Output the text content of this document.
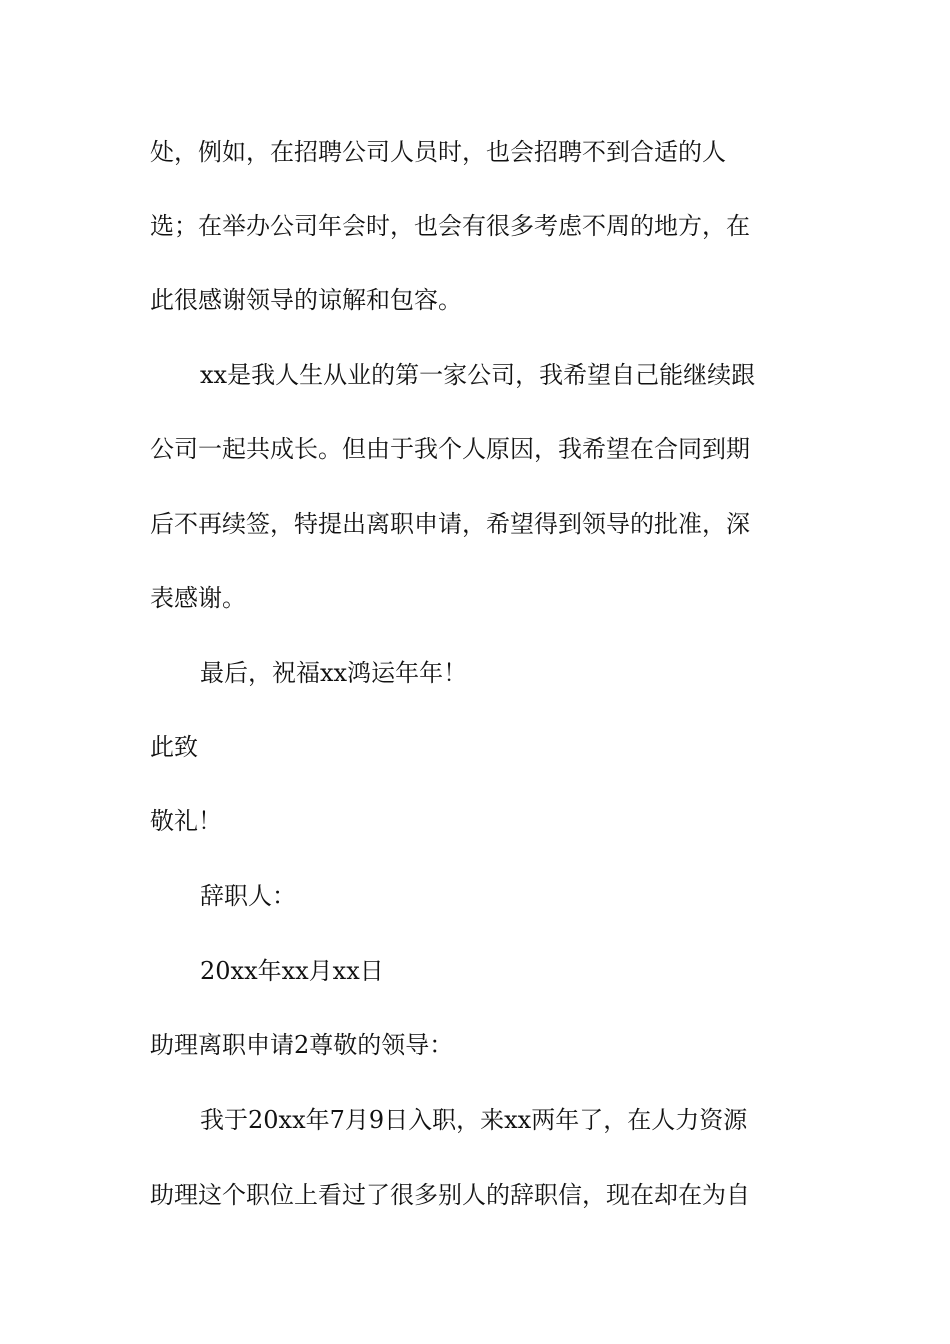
处，例如，在招聘公司人员时，也会招聘不到合适的人

选；在举办公司年会时，也会有很多考虑不周的地方，在

此很感谢领导的谅解和包容。

xx是我人生从业的第一家公司，我希望自己能继续跟

公司一起共成长。但由于我个人原因，我希望在合同到期

后不再续签，特提出离职申请，希望得到领导的批准，深

表感谢。

最后，祝福xx鸿运年年！

此致

敬礼！

辞职人：

20xx年xx月xx日

助理离职申请2尊敬的领导：

我于20xx年7月9日入职，来xx两年了，在人力资源

助理这个职位上看过了很多别人的辞职信，现在却在为自
